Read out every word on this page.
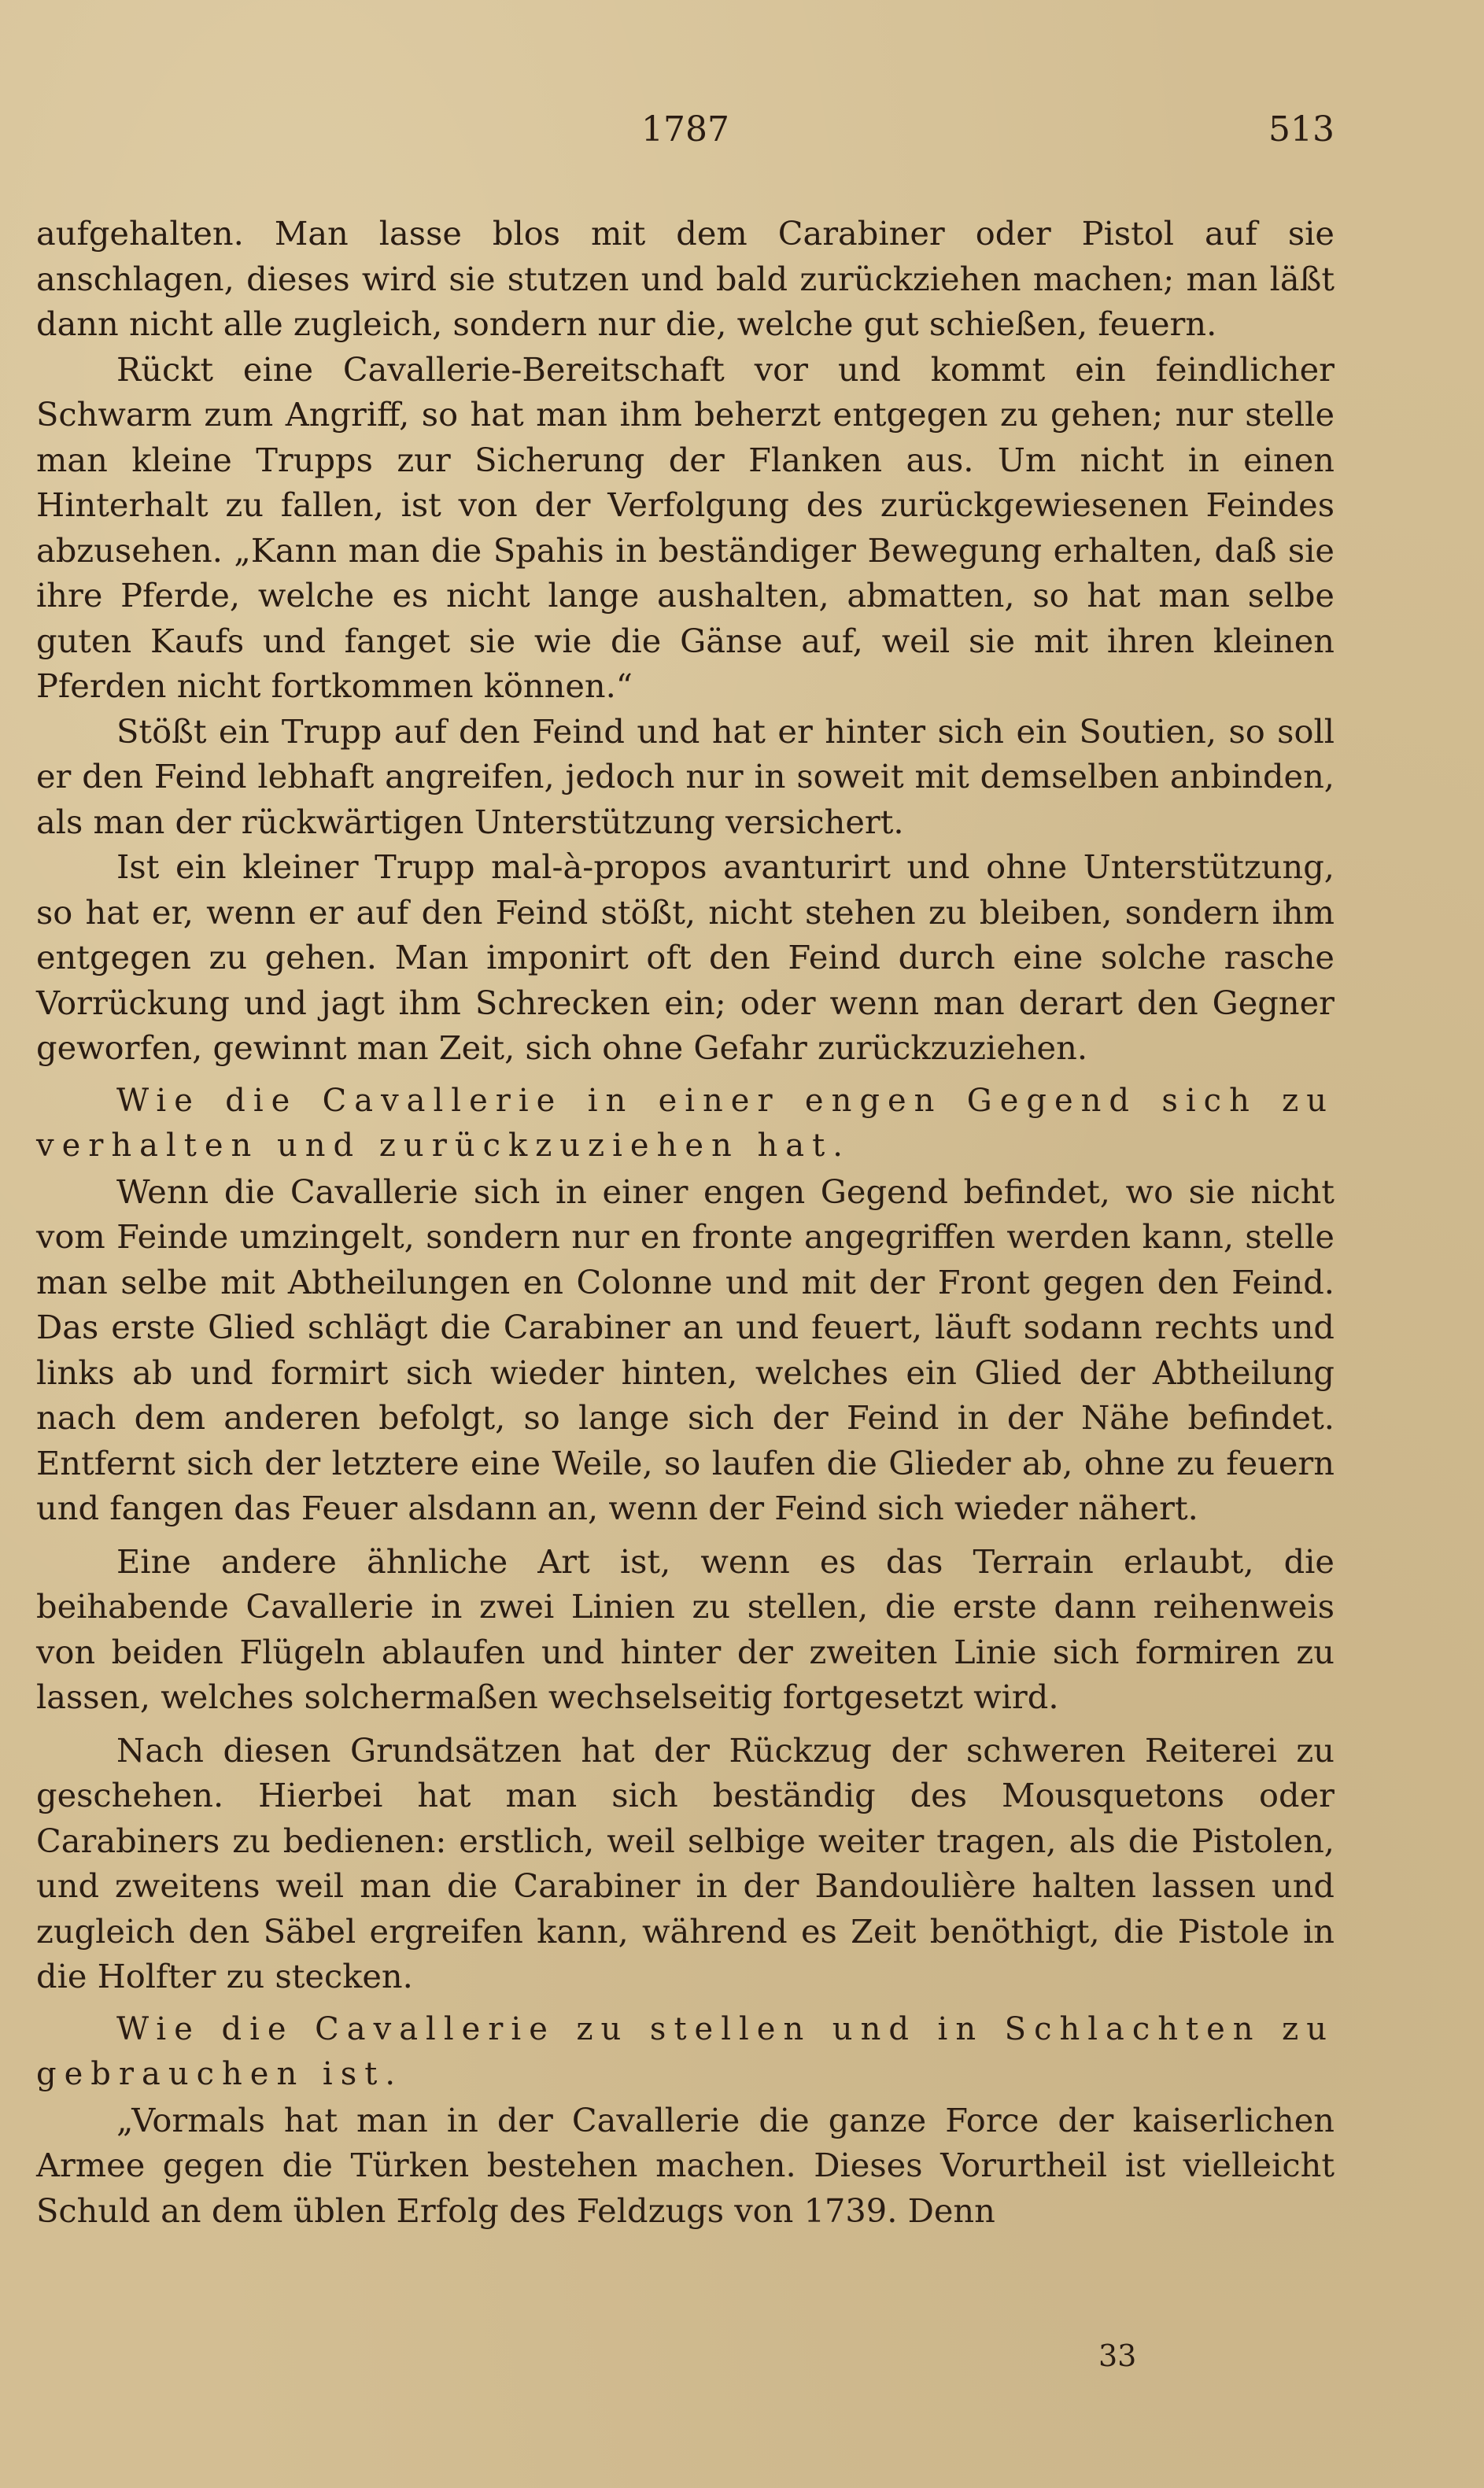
1787	513

aufgehalten. Man lasse blos mit dem Carabiner oder Pistol auf sie anschlagen, dieses wird sie stutzen und bald zurückziehen machen; man läßt dann nicht alle zugleich, sondern nur die, welche gut schießen, feuern.

Rückt eine Cavallerie-Bereitschaft vor und kommt ein feindlicher Schwarm zum Angriff, so hat man ihm beherzt entgegen zu gehen; nur stelle man kleine Trupps zur Sicherung der Flanken aus. Um nicht in einen Hinterhalt zu fallen, ist von der Verfolgung des zurückgewiesenen Feindes abzusehen. „Kann man die Spahis in beständiger Bewegung erhalten, daß sie ihre Pferde, welche es nicht lange aushalten, abmatten, so hat man selbe guten Kaufs und fanget sie wie die Gänse auf, weil sie mit ihren kleinen Pferden nicht fortkommen können.“

Stößt ein Trupp auf den Feind und hat er hinter sich ein Soutien, so soll er den Feind lebhaft angreifen, jedoch nur in soweit mit demselben anbinden, als man der rückwärtigen Unterstützung versichert.

Ist ein kleiner Trupp mal-à-propos avanturirt und ohne Unterstützung, so hat er, wenn er auf den Feind stößt, nicht stehen zu bleiben, sondern ihm entgegen zu gehen. Man imponirt oft den Feind durch eine solche rasche Vorrückung und jagt ihm Schrecken ein; oder wenn man derart den Gegner geworfen, gewinnt man Zeit, sich ohne Gefahr zurückzuziehen.

Wie die Cavallerie in einer engen Gegend sich zu verhalten und zurückzuziehen hat.

Wenn die Cavallerie sich in einer engen Gegend befindet, wo sie nicht vom Feinde umzingelt, sondern nur en fronte angegriffen werden kann, stelle man selbe mit Abtheilungen en Colonne und mit der Front gegen den Feind. Das erste Glied schlägt die Carabiner an und feuert, läuft sodann rechts und links ab und formirt sich wieder hinten, welches ein Glied der Abtheilung nach dem anderen befolgt, so lange sich der Feind in der Nähe befindet. Entfernt sich der letztere eine Weile, so laufen die Glieder ab, ohne zu feuern und fangen das Feuer alsdann an, wenn der Feind sich wieder nähert.

Eine andere ähnliche Art ist, wenn es das Terrain erlaubt, die beihabende Cavallerie in zwei Linien zu stellen, die erste dann reihenweis von beiden Flügeln ablaufen und hinter der zweiten Linie sich formiren zu lassen, welches solchermaßen wechselseitig fortgesetzt wird.

Nach diesen Grundsätzen hat der Rückzug der schweren Reiterei zu geschehen. Hierbei hat man sich beständig des Mousquetons oder Carabiners zu bedienen: erstlich, weil selbige weiter tragen, als die Pistolen, und zweitens weil man die Carabiner in der Bandoulière halten lassen und zugleich den Säbel ergreifen kann, während es Zeit benöthigt, die Pistole in die Holfter zu stecken.

Wie die Cavallerie zu stellen und in Schlachten zu gebrauchen ist.

„Vormals hat man in der Cavallerie die ganze Force der kaiserlichen Armee gegen die Türken bestehen machen. Dieses Vorurtheil ist vielleicht Schuld an dem üblen Erfolg des Feldzugs von 1739. Denn

33
